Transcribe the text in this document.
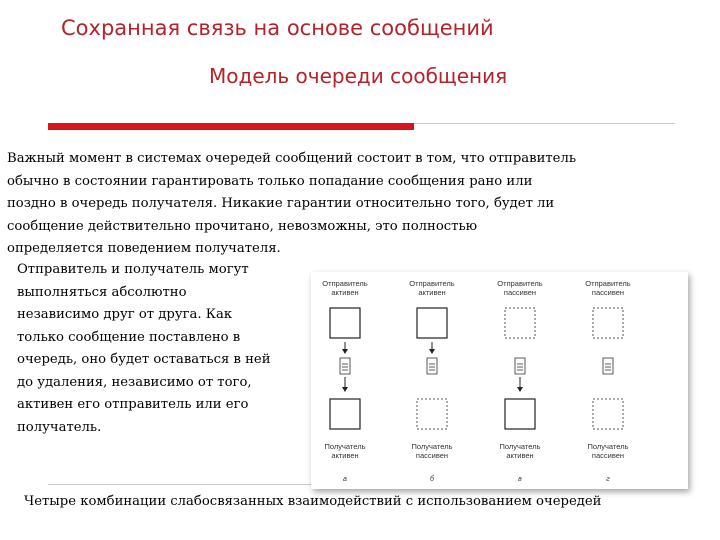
Сохранная связь на основе сообщений
Модель очереди сообщения

Важный момент в системах очередей сообщений состоит в том, что отправитель
обычно в состоянии гарантировать только попадание сообщения рано или
поздно в очередь получателя. Никакие гарантии относительно того, будет ли
сообщение действительно прочитано, невозможны, это полностью
определяется поведением получателя.

Отправитель и получатель могут
выполняться абсолютно
независимо друг от друга. Как
только сообщение поставлено в
очередь, оно будет оставаться в ней
до удаления, независимо от того,
активен его отправитель или его
получатель.

Отправитель
активен
Получатель
активен
а
Отправитель
активен
Получатель
пассивен
б
Отправитель
пассивен
Получатель
активен
в
Отправитель
пассивен
Получатель
пассивен
г

Четыре комбинации слабосвязанных взаимодействий с использованием очередей
